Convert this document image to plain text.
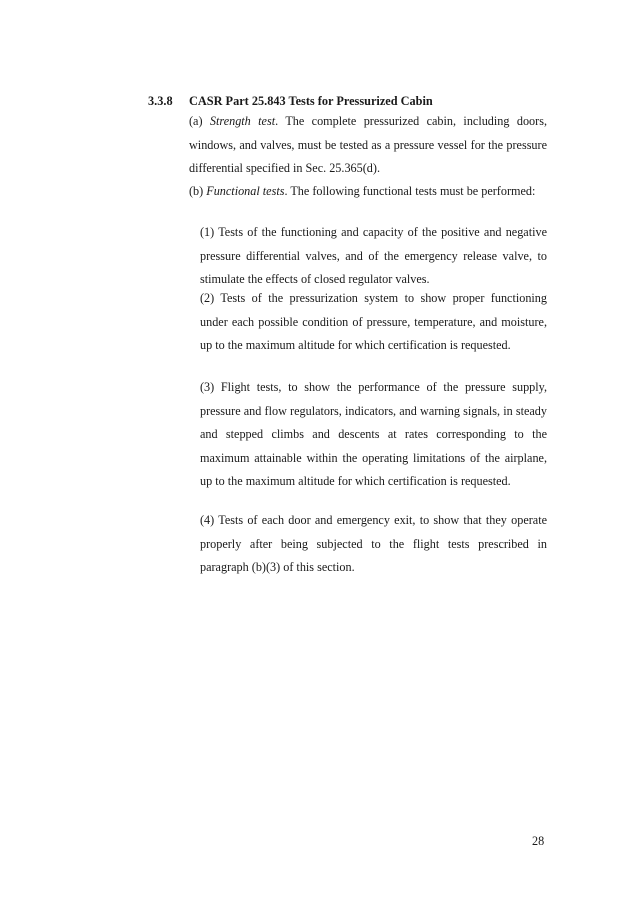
3.3.8 CASR Part 25.843 Tests for Pressurized Cabin
(a) Strength test. The complete pressurized cabin, including doors, windows, and valves, must be tested as a pressure vessel for the pressure differential specified in Sec. 25.365(d).
(b) Functional tests. The following functional tests must be performed:
(1) Tests of the functioning and capacity of the positive and negative pressure differential valves, and of the emergency release valve, to stimulate the effects of closed regulator valves.
(2) Tests of the pressurization system to show proper functioning under each possible condition of pressure, temperature, and moisture, up to the maximum altitude for which certification is requested.
(3) Flight tests, to show the performance of the pressure supply, pressure and flow regulators, indicators, and warning signals, in steady and stepped climbs and descents at rates corresponding to the maximum attainable within the operating limitations of the airplane, up to the maximum altitude for which certification is requested.
(4) Tests of each door and emergency exit, to show that they operate properly after being subjected to the flight tests prescribed in paragraph (b)(3) of this section.
28
